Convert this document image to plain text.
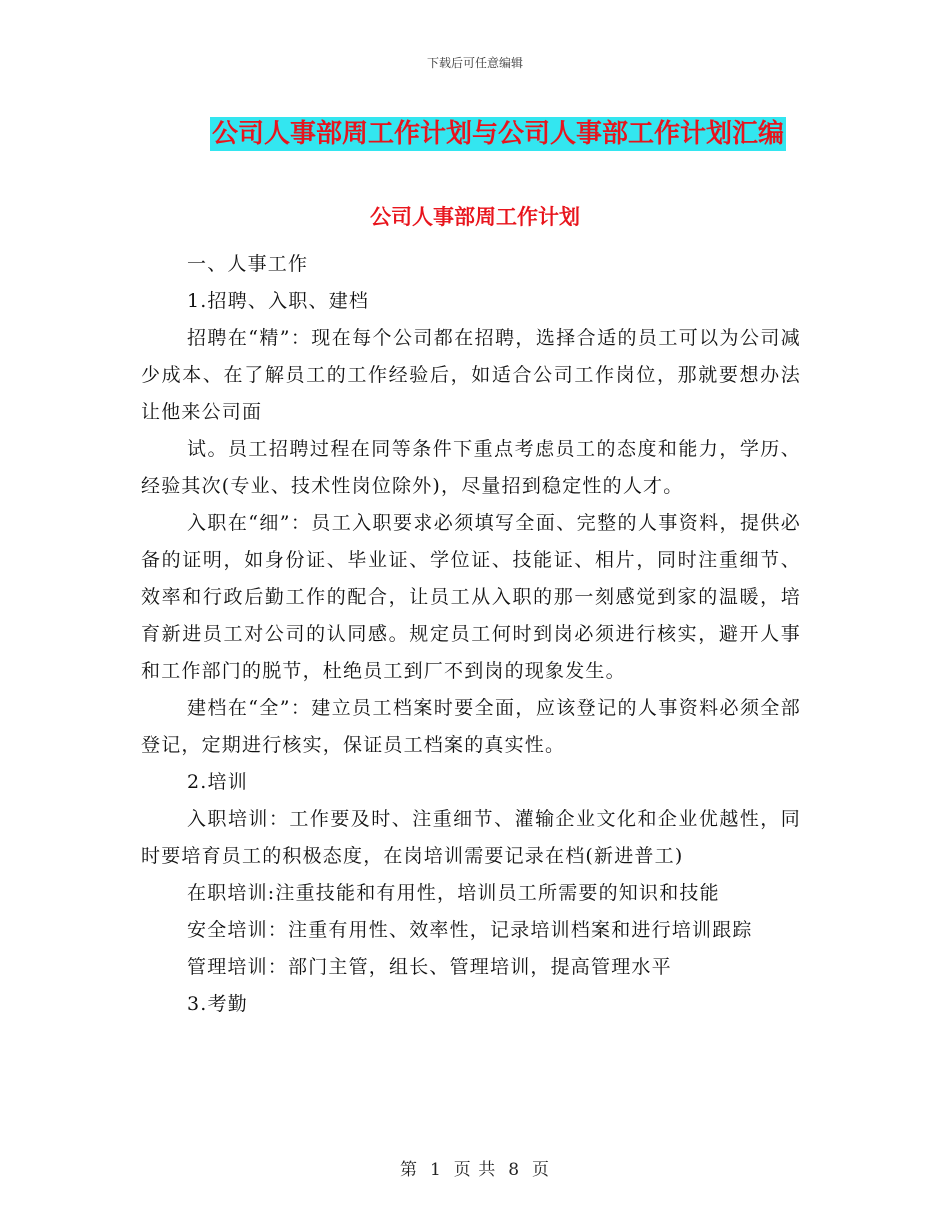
下载后可任意编辑
公司人事部周工作计划与公司人事部工作计划汇编
公司人事部周工作计划

一、人事工作

1.招聘、入职、建档

招聘在“精”：现在每个公司都在招聘，选择合适的员工可以为公司减少成本、在了解员工的工作经验后，如适合公司工作岗位，那就要想办法让他来公司面

试。员工招聘过程在同等条件下重点考虑员工的态度和能力，学历、经验其次(专业、技术性岗位除外)，尽量招到稳定性的人才。

入职在“细”：员工入职要求必须填写全面、完整的人事资料，提供必备的证明，如身份证、毕业证、学位证、技能证、相片，同时注重细节、效率和行政后勤工作的配合，让员工从入职的那一刻感觉到家的温暖，培育新进员工对公司的认同感。规定员工何时到岗必须进行核实，避开人事和工作部门的脱节，杜绝员工到厂不到岗的现象发生。

建档在“全”：建立员工档案时要全面，应该登记的人事资料必须全部登记，定期进行核实，保证员工档案的真实性。

2.培训

入职培训：工作要及时、注重细节、灌输企业文化和企业优越性，同时要培育员工的积极态度，在岗培训需要记录在档(新进普工)

在职培训:注重技能和有用性，培训员工所需要的知识和技能

安全培训：注重有用性、效率性，记录培训档案和进行培训跟踪

管理培训：部门主管，组长、管理培训，提高管理水平

3.考勤

第 1 页 共 8 页
